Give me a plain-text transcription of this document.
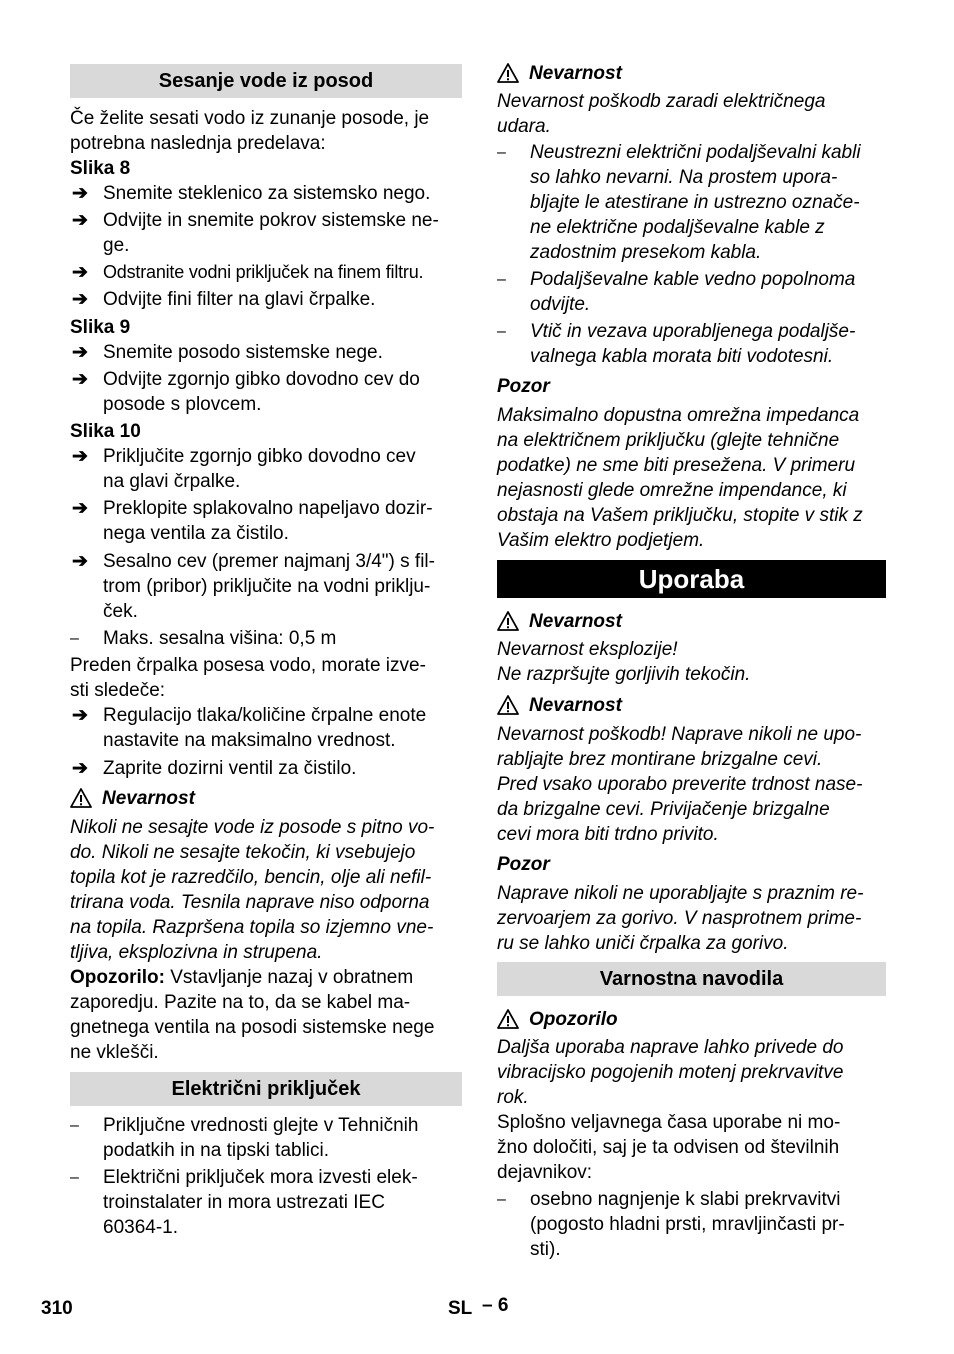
Sesanje vode iz posod
Če želite sesati vodo iz zunanje posode, je
potrebna naslednja predelava:
Slika 8
➔ Snemite steklenico za sistemsko nego.
➔ Odvijte in snemite pokrov sistemske ne-
ge.
➔ Odstranite vodni priključek na finem filtru.
➔ Odvijte fini filter na glavi črpalke.
Slika 9
➔ Snemite posodo sistemske nege.
➔ Odvijte zgornjo gibko dovodno cev do
posode s plovcem.
Slika 10
➔ Priključite zgornjo gibko dovodno cev
na glavi črpalke.
➔ Preklopite splakovalno napeljavo dozir-
nega ventila za čistilo.
➔ Sesalno cev (premer najmanj 3/4") s fil-
trom (pribor) priključite na vodni priklju-
ček.
– Maks. sesalna višina: 0,5 m
Preden črpalka posesa vodo, morate izve-
sti sledeče:
➔ Regulacijo tlaka/količine črpalne enote
nastavite na maksimalno vrednost.
➔ Zaprite dozirni ventil za čistilo.
Nevarnost
Nikoli ne sesajte vode iz posode s pitno vo-
do. Nikoli ne sesajte tekočin, ki vsebujejo
topila kot je razredčilo, bencin, olje ali nefil-
trirana voda. Tesnila naprave niso odporna
na topila. Razpršena topila so izjemno vne-
tljiva, eksplozivna in strupena.
Opozorilo: Vstavljanje nazaj v obratnem
zaporedju. Pazite na to, da se kabel ma-
gnetnega ventila na posodi sistemske nege
ne vklešči.
Električni priključek
– Priključne vrednosti glejte v Tehničnih
podatkih in na tipski tablici.
– Električni priključek mora izvesti elek-
troinstalater in mora ustrezati IEC
60364-1.
Nevarnost
Nevarnost poškodb zaradi električnega
udara.
– Neustrezni električni podaljševalni kabli
so lahko nevarni. Na prostem upora-
bljajte le atestirane in ustrezno označe-
ne električne podaljševalne kable z
zadostnim presekom kabla.
– Podaljševalne kable vedno popolnoma
odvijte.
– Vtič in vezava uporabljenega podaljše-
valnega kabla morata biti vodotesni.
Pozor
Maksimalno dopustna omrežna impedanca
na električnem priključku (glejte tehnične
podatke) ne sme biti presežena. V primeru
nejasnosti glede omrežne impendance, ki
obstaja na Vašem priključku, stopite v stik z
Vašim elektro podjetjem.
Uporaba
Nevarnost
Nevarnost eksplozije!
Ne razpršujte gorljivih tekočin.
Nevarnost
Nevarnost poškodb! Naprave nikoli ne upo-
rabljajte brez montirane brizgalne cevi.
Pred vsako uporabo preverite trdnost nase-
da brizgalne cevi. Privijačenje brizgalne
cevi mora biti trdno privito.
Pozor
Naprave nikoli ne uporabljajte s praznim re-
zervoarjem za gorivo. V nasprotnem prime-
ru se lahko uniči črpalka za gorivo.
Varnostna navodila
Opozorilo
Daljša uporaba naprave lahko privede do
vibracijsko pogojenih motenj prekrvavitve
rok.
Splošno veljavnega časa uporabe ni mo-
žno določiti, saj je ta odvisen od številnih
dejavnikov:
– osebno nagnjenje k slabi prekrvavitvi
(pogosto hladni prsti, mravljinčasti pr-
sti).
310	SL – 6
